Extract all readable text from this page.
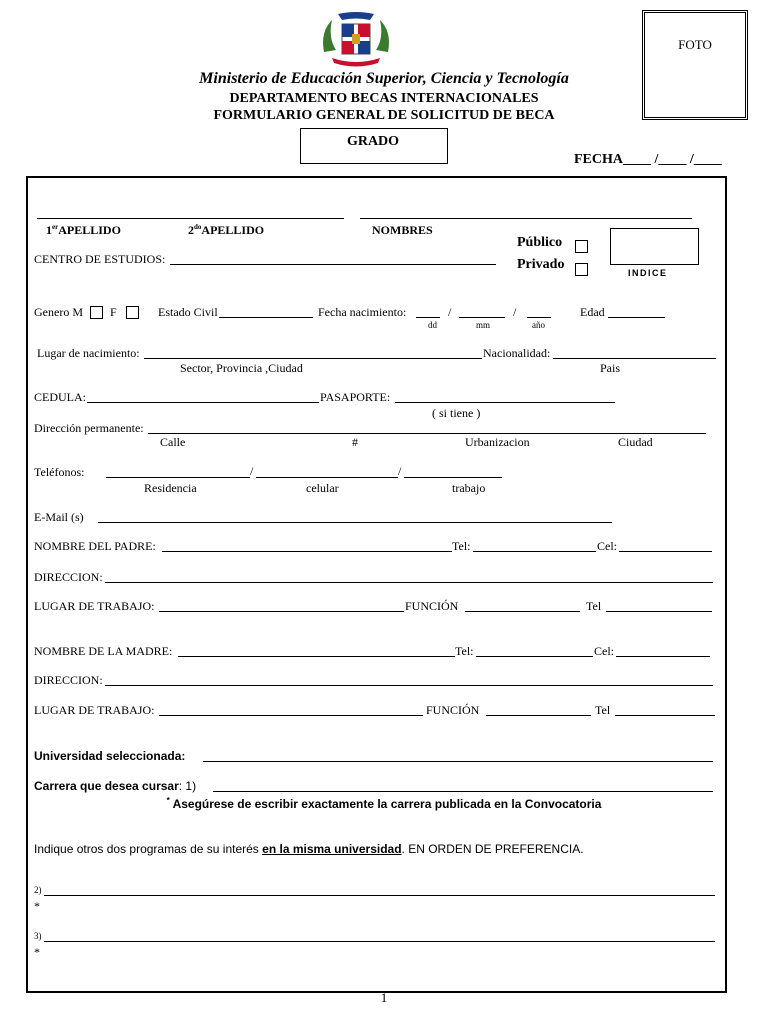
Ministerio de Educación Superior, Ciencia y Tecnología
DEPARTAMENTO BECAS INTERNACIONALES
FORMULARIO GENERAL DE SOLICITUD DE BECA
GRADO
FOTO
FECHA____ /____ /____
1erAPELLIDO	$2^{do}APELLIDO$	NOMBRES
CENTRO DE ESTUDIOS:
Público
Privado
INDICE
Genero M F	Estado Civil	Fecha nacimiento:	/	/
dd	mm	año
Edad
Lugar de nacimiento:	Nacionalidad:
Sector, Provincia ,Ciudad	Pais
CEDULA:	PASAPORTE:
( si tiene )
Dirección permanente:
Calle	#	Urbanizacion	Ciudad
Teléfonos:	/	/
Residencia	celular	trabajo
E-Mail (s)
NOMBRE DEL PADRE:	Tel:	Cel:
DIRECCION:
LUGAR DE TRABAJO:	FUNCIÓN	Tel
NOMBRE DE LA MADRE:	Tel:	Cel:
DIRECCION:
LUGAR DE TRABAJO:	FUNCIÓN	Tel
Universidad seleccionada:
Carrera que desea cursar: 1)
* Asegúrese de escribir exactamente la carrera publicada en la Convocatoria
Indique otros dos programas de su interés en la misma universidad. EN ORDEN DE PREFERENCIA.
2)
*
3)
*
1
